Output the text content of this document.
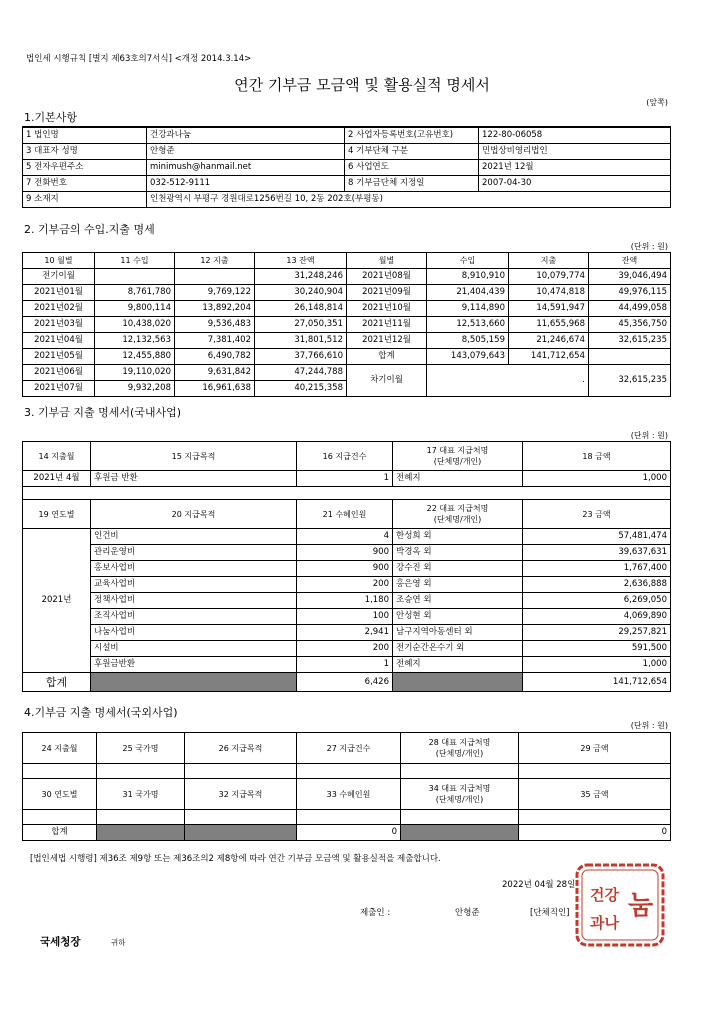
법인세 시행규칙 [별지 제63호의7서식] <개정 2014.3.14>
연간 기부금 모금액 및 활용실적 명세서
(앞쪽)
1.기본사항
1 법인명	건강과나눔	2 사업자등록번호(고유번호)	122-80-06058
3 대표자 성명	안형준	4 기부단체 구분	민법상비영리법인
5 전자우편주소	minimush@hanmail.net	6 사업연도	2021년 12월
7 전화번호	032-512-9111	8 기부금단체 지정일	2007-04-30
9 소재지	인천광역시 부평구 경원대로1256번길 10, 2동 202호(부평동)		
2. 기부금의 수입.지출 명세
(단위 : 원)
10 월별	11 수입	12 지출	13 잔액	월별	수입	지출	잔액
전기이월			31,248,246	2021년08월	8,910,910	10,079,774	39,046,494
2021년01월	8,761,780	9,769,122	30,240,904	2021년09월	21,404,439	10,474,818	49,976,115
2021년02월	9,800,114	13,892,204	26,148,814	2021년10월	9,114,890	14,591,947	44,499,058
2021년03월	10,438,020	9,536,483	27,050,351	2021년11월	12,513,660	11,655,968	45,356,750
2021년04월	12,132,563	7,381,402	31,801,512	2021년12월	8,505,159	21,246,674	32,615,235
2021년05월	12,455,880	6,490,782	37,766,610	합계	143,079,643	141,712,654	
2021년06월	19,110,020	9,631,842	47,244,788	차기이월	.		32,615,235
2021년07월	9,932,208	16,961,638	40,215,358				
3. 기부금 지출 명세서(국내사업)
(단위 : 원)
14 지출월	15 지급목적	16 지급건수	17 대표 지급처명
(단체명/개인)	18 금액
2021년 4월	후원금 반환	1	전혜지	1,000

19 연도별	20 지급목적	21 수혜인원	22 대표 지급처명
(단체명/개인)	23 금액
2021년	인건비	4	한성희 외	57,481,474
	관리운영비	900	박경옥 외	39,637,631
	홍보사업비	900	강수진 외	1,767,400
	교육사업비	200	홍은영 외	2,636,888
	정책사업비	1,180	조승연 외	6,269,050
	조직사업비	100	안성현 외	4,069,890
	나눔사업비	2,941	남구지역아동센터 외	29,257,821
	시설비	200	전기순간온수기 외	591,500
	후원금반환	1	전혜지	1,000
합계		6,426		141,712,654
4.기부금 지출 명세서(국외사업)
(단위 : 원)
24 지출월	25 국가명	26 지급목적	27 지급건수	28 대표 지급처명
(단체명/개인)	29 금액

30 연도별	31 국가명	32 지급목적	33 수혜인원	34 대표 지급처명
(단체명/개인)	35 금액

합계			0		0
[법인세법 시행령] 제36조 제9항 또는 제36조의2 제8항에 따라 연간 기부금 모금액 및 활용실적을 제출합니다.
2022년 04월 28일
제출인 :	안형준	[단체직인]
국세청장	귀하
건강
과나
눔
